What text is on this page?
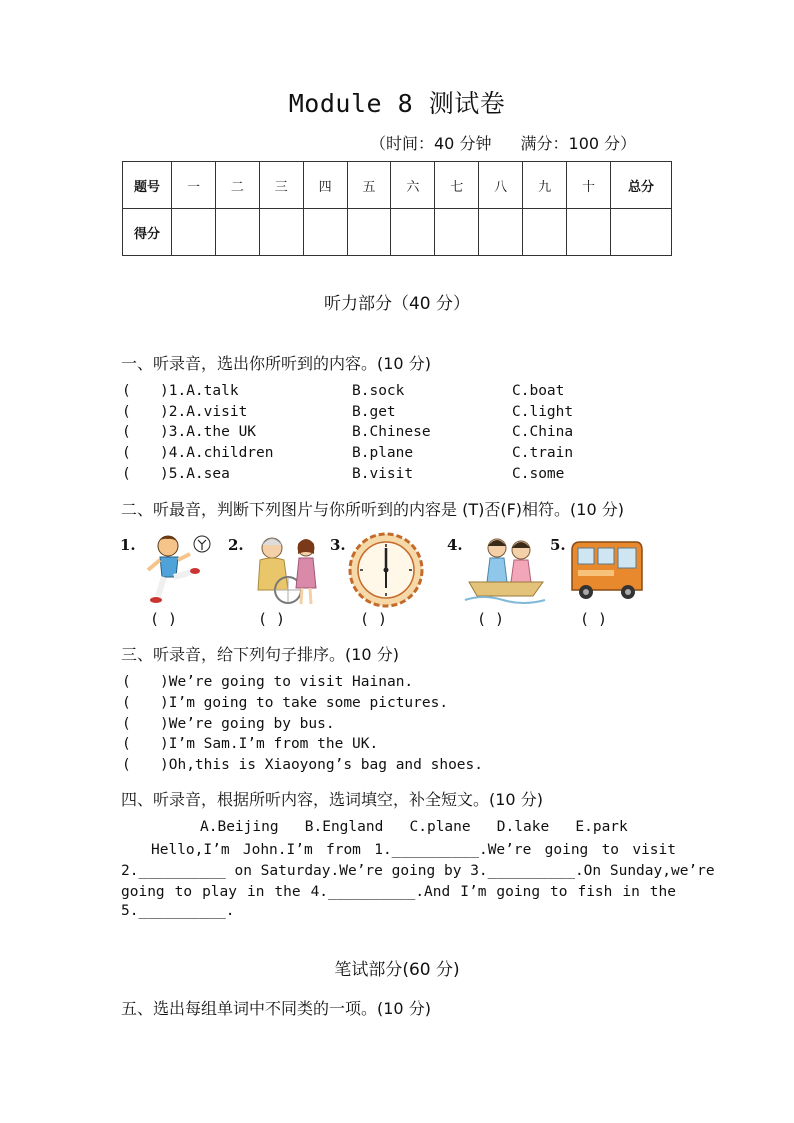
Module 8 测试卷
（时间：40 分钟 满分：100 分）
题号	一	二	三	四	五	六	七	八	九	十	总分
得分											
听力部分（40 分）
一、听录音，选出你所听到的内容。(10 分)
( )1.A.talk	B.sock	C.boat
( )2.A.visit	B.get	C.light
( )3.A.the UK	B.Chinese	C.China
( )4.A.children	B.plane	C.train
( )5.A.sea	B.visit	C.some
二、听最音，判断下列图片与你所听到的内容是 (T)否(F)相符。(10 分)
1.
( )
2.
( )
3.
( )
4.
( )
5.
( )
三、听录音，给下列句子排序。(10 分)
( )We’re going to visit Hainan.
( )I’m going to take some pictures.
( )We’re going by bus.
( )I’m Sam.I’m from the UK.
( )Oh,this is Xiaoyong’s bag and shoes.
四、听录音，根据所听内容，选词填空，补全短文。(10 分)
A.Beijing   B.England   C.plane   D.lake   E.park
Hello,I’m John.I’m from 1.__________.We’re going to visit
2.__________ on Saturday.We’re going by 3.__________.On Sunday,we’re
going to play in the 4.__________.And I’m going to fish in the
5.__________.
笔试部分(60 分)
五、选出每组单词中不同类的一项。(10 分)
